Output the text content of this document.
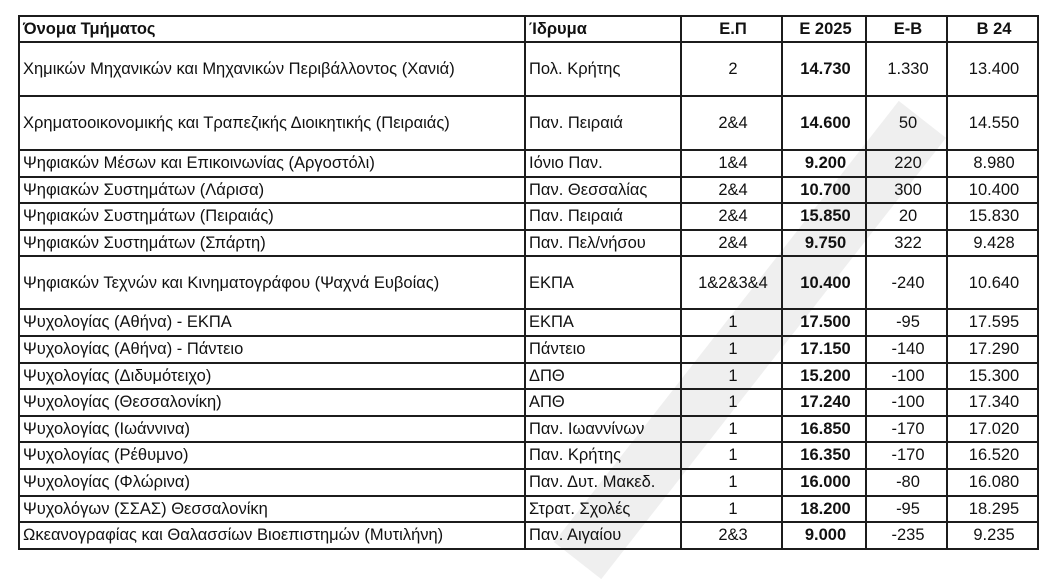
Όνομα Τμήματος	Ίδρυμα	Ε.Π	Ε 2025	Ε-Β	Β 24
Χημικών Μηχανικών και Μηχανικών Περιβάλλοντος (Χανιά)	Πολ. Κρήτης	2	14.730	1.330	13.400
Χρηματοοικονομικής και Τραπεζικής Διοικητικής (Πειραιάς)	Παν. Πειραιά	2&4	14.600	50	14.550
Ψηφιακών Μέσων και Επικοινωνίας (Αργοστόλι)	Ιόνιο Παν.	1&4	9.200	220	8.980
Ψηφιακών Συστημάτων (Λάρισα)	Παν. Θεσσαλίας	2&4	10.700	300	10.400
Ψηφιακών Συστημάτων (Πειραιάς)	Παν. Πειραιά	2&4	15.850	20	15.830
Ψηφιακών Συστημάτων (Σπάρτη)	Παν. Πελ/νήσου	2&4	9.750	322	9.428
Ψηφιακών Τεχνών και Κινηματογράφου (Ψαχνά Ευβοίας)	ΕΚΠΑ	1&2&3&4	10.400	-240	10.640
Ψυχολογίας (Αθήνα) - ΕΚΠΑ	ΕΚΠΑ	1	17.500	-95	17.595
Ψυχολογίας (Αθήνα) - Πάντειο	Πάντειο	1	17.150	-140	17.290
Ψυχολογίας (Διδυμότειχο)	ΔΠΘ	1	15.200	-100	15.300
Ψυχολογίας (Θεσσαλονίκη)	ΑΠΘ	1	17.240	-100	17.340
Ψυχολογίας (Ιωάννινα)	Παν. Ιωαννίνων	1	16.850	-170	17.020
Ψυχολογίας (Ρέθυμνο)	Παν. Κρήτης	1	16.350	-170	16.520
Ψυχολογίας (Φλώρινα)	Παν. Δυτ. Μακεδ.	1	16.000	-80	16.080
Ψυχολόγων (ΣΣΑΣ) Θεσσαλονίκη	Στρατ. Σχολές	1	18.200	-95	18.295
Ωκεανογραφίας και Θαλασσίων Βιοεπιστημών (Μυτιλήνη)	Παν. Αιγαίου	2&3	9.000	-235	9.235
